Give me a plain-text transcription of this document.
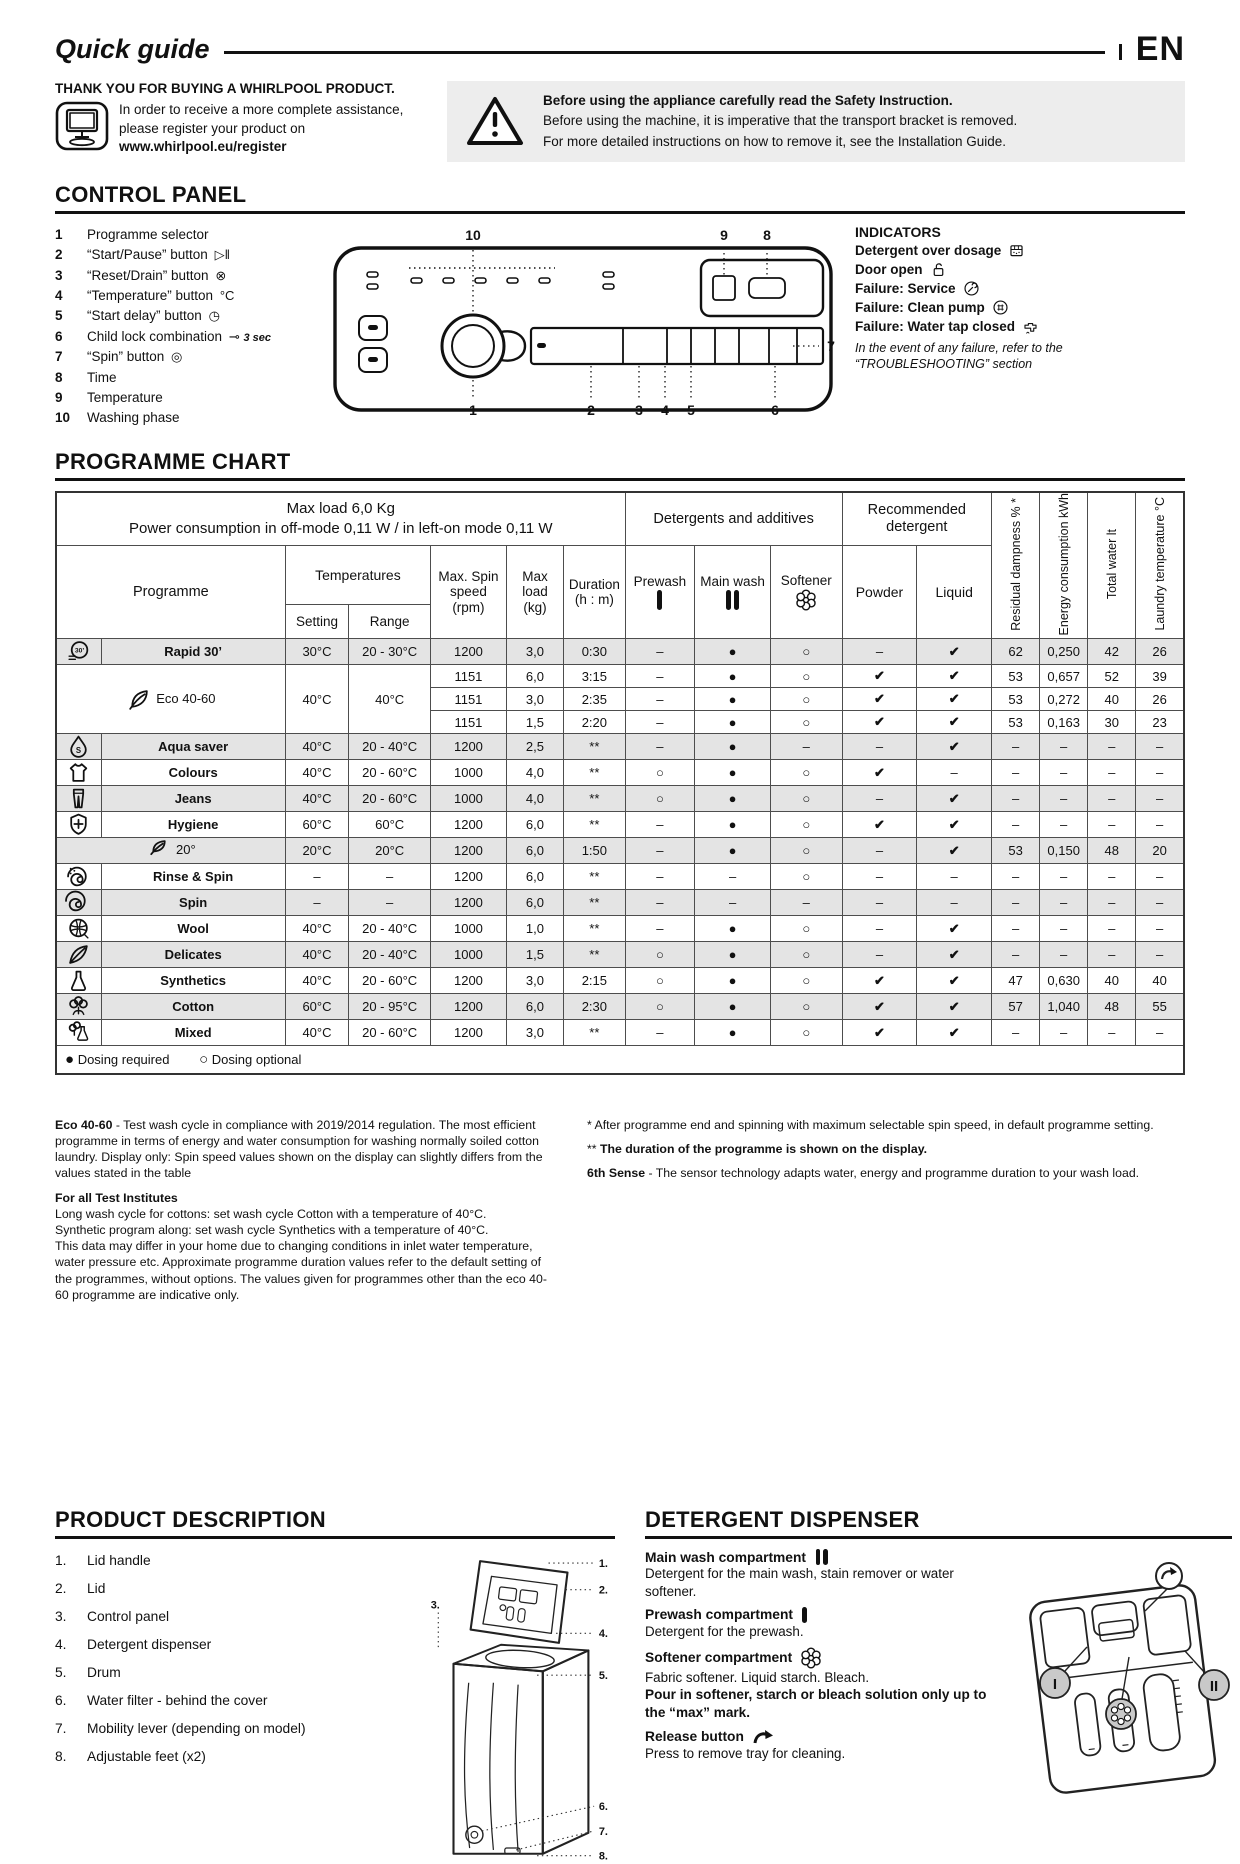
Quick guide	EN
THANK YOU FOR BUYING A WHIRLPOOL PRODUCT.
In order to receive a more complete assistance,
please register your product on
www.whirlpool.eu/register
Before using the appliance carefully read the Safety Instruction.
Before using the machine, it is imperative that the transport bracket is removed.
For more detailed instructions on how to remove it, see the Installation Guide.
CONTROL PANEL
1	Programme selector
2	“Start/Pause” button ▷‖
3	“Reset/Drain” button ⊗
4	“Temperature” button °C
5	“Start delay” button ◷
6	Child lock combination ⊸ 3 sec
7	“Spin” button ◎
8	Time
9	Temperature
10	Washing phase
10	9	8
7
1	2	3 4 5	6
INDICATORS
Detergent over dosage
Door open
Failure: Service
Failure: Clean pump
Failure: Water tap closed
In the event of any failure, refer to the “TROUBLESHOOTING” section
PROGRAMME CHART
Max load 6,0 Kg
Power consumption in off-mode 0,11 W / in left-on mode 0,11 W							Detergents and additives			Recommended detergent		Residual dampness % *	Energy consumption kWh	Total water lt	Laundry temperature °C
Programme		Temperatures		Max. Spin speed (rpm)	Max load (kg)	Duration (h : m)	Prewash	Main wash	Softener	Powder	Liquid				
		Setting	Range												

30’	Rapid 30’	30°C	20 - 30°C	1200	3,0	0:30	–	●	○	–	✔	62	0,250	42	26
Eco 40-60		40°C	40°C	1151	6,0	3:15	–	●	○	✔	✔	53	0,657	52	39
				1151	3,0	2:35	–	●	○	✔	✔	53	0,272	40	26
				1151	1,5	2:20	–	●	○	✔	✔	53	0,163	30	23

S	Aqua saver	40°C	20 - 40°C	1200	2,5	**	–	●	–	–	✔	–	–	–	–
	Colours	40°C	20 - 60°C	1000	4,0	**	○	●	○	✔	–	–	–	–	–
	Jeans	40°C	20 - 60°C	1000	4,0	**	○	●	○	–	✔	–	–	–	–
	Hygiene	60°C	60°C	1200	6,0	**	–	●	○	✔	✔	–	–	–	–
20°		20°C	20°C	1200	6,0	1:50	–	●	○	–	✔	53	0,150	48	20
	Rinse & Spin	–	–	1200	6,0	**	–	–	○	–	–	–	–	–	–
	Spin	–	–	1200	6,0	**	–	–	–	–	–	–	–	–	–
	Wool	40°C	20 - 40°C	1000	1,0	**	–	●	○	–	✔	–	–	–	–
	Delicates	40°C	20 - 40°C	1000	1,5	**	○	●	○	–	✔	–	–	–	–
	Synthetics	40°C	20 - 60°C	1200	3,0	2:15	○	●	○	✔	✔	47	0,630	40	40
	Cotton	60°C	20 - 95°C	1200	6,0	2:30	○	●	○	✔	✔	57	1,040	48	55
	Mixed	40°C	20 - 60°C	1200	3,0	**	–	●	○	✔	✔	–	–	–	–
● Dosing required ○ Dosing optional															

Eco 40-60 - Test wash cycle in compliance with 2019/2014 regulation. The most efficient programme in terms of energy and water consumption for washing normally soiled cotton laundry. Display only: Spin speed values shown on the display can slightly differs from the values stated in the table

For all Test Institutes

Long wash cycle for cottons: set wash cycle Cotton with a temperature of 40°C.

Synthetic program along: set wash cycle Synthetics with a temperature of 40°C.

This data may differ in your home due to changing conditions in inlet water temperature, water pressure etc. Approximate programme duration values refer to the default setting of the programmes, without options. The values given for programmes other than the eco 40-60 programme are indicative only.

* After programme end and spinning with maximum selectable spin speed, in default programme setting.

** The duration of the programme is shown on the display.

6th Sense - The sensor technology adapts water, energy and programme duration to your wash load.

PRODUCT DESCRIPTION
1.	Lid handle
2.	Lid
3.	Control panel
4.	Detergent dispenser
5.	Drum
6.	Water filter - behind the cover
7.	Mobility lever (depending on model)
8.	Adjustable feet (x2)
1.
2.
3.
4.
5.
6.
7.
8.
DETERGENT DISPENSER
Main wash compartment
Detergent for the main wash, stain remover or water softener.
Prewash compartment
Detergent for the prewash.
Softener compartment
Fabric softener. Liquid starch. Bleach.
Pour in softener, starch or bleach solution only up to the “max” mark.
Release button
Press to remove tray for cleaning.
I	II
